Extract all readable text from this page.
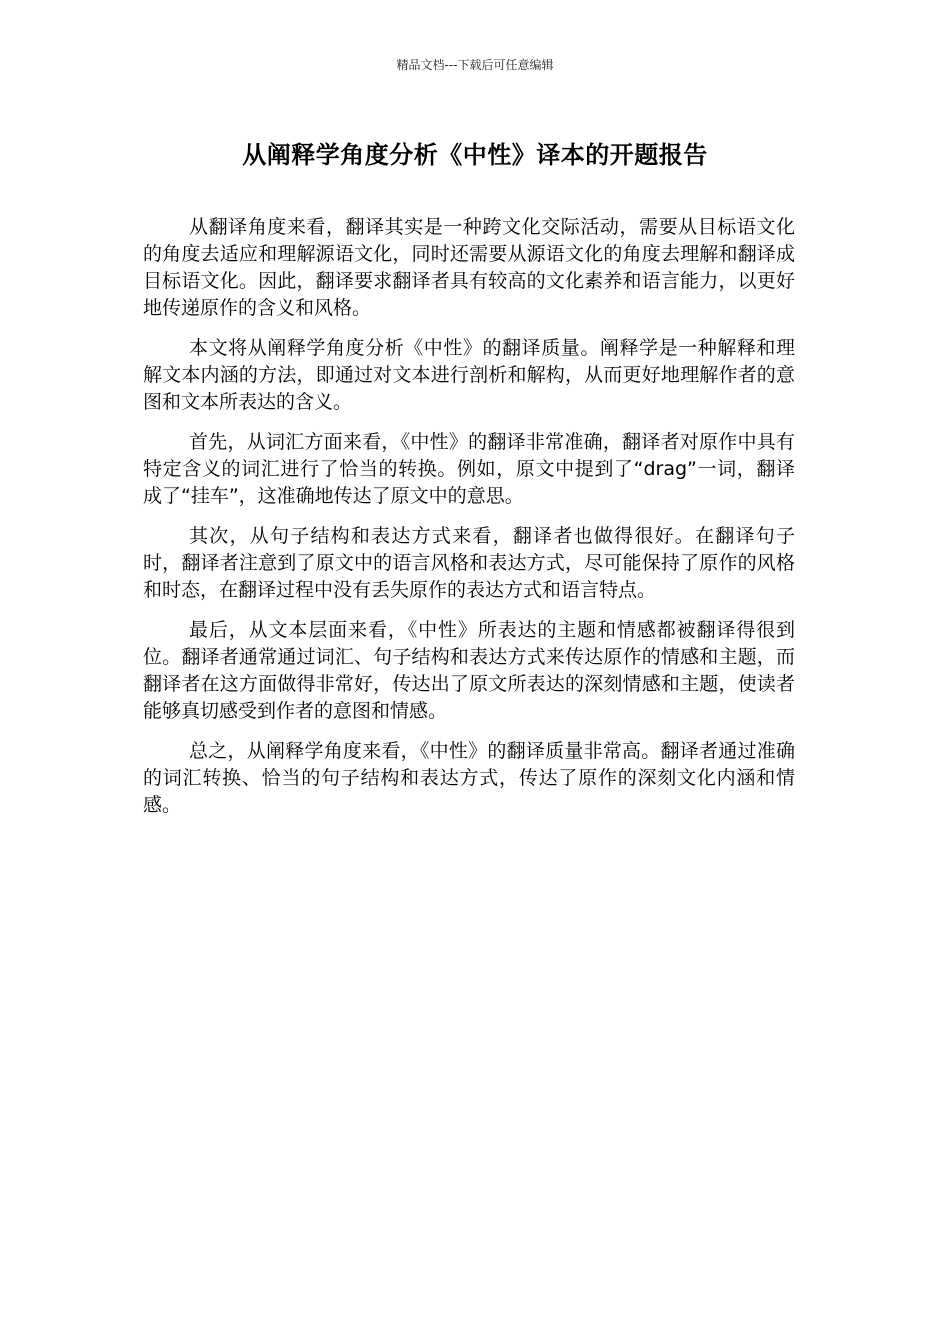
精品文档---下载后可任意编辑
从阐释学角度分析《中性》译本的开题报告

从翻译角度来看，翻译其实是一种跨文化交际活动，需要从目标语文化的角度去适应和理解源语文化，同时还需要从源语文化的角度去理解和翻译成目标语文化。因此，翻译要求翻译者具有较高的文化素养和语言能力，以更好地传递原作的含义和风格。

本文将从阐释学角度分析《中性》的翻译质量。阐释学是一种解释和理解文本内涵的方法，即通过对文本进行剖析和解构，从而更好地理解作者的意图和文本所表达的含义。

首先，从词汇方面来看，《中性》的翻译非常准确，翻译者对原作中具有特定含义的词汇进行了恰当的转换。例如，原文中提到了“drag”一词，翻译成了“挂车”，这准确地传达了原文中的意思。

其次，从句子结构和表达方式来看，翻译者也做得很好。在翻译句子时，翻译者注意到了原文中的语言风格和表达方式，尽可能保持了原作的风格和时态，在翻译过程中没有丢失原作的表达方式和语言特点。

最后，从文本层面来看，《中性》所表达的主题和情感都被翻译得很到位。翻译者通常通过词汇、句子结构和表达方式来传达原作的情感和主题，而翻译者在这方面做得非常好，传达出了原文所表达的深刻情感和主题，使读者能够真切感受到作者的意图和情感。

总之，从阐释学角度来看，《中性》的翻译质量非常高。翻译者通过准确的词汇转换、恰当的句子结构和表达方式，传达了原作的深刻文化内涵和情感。
